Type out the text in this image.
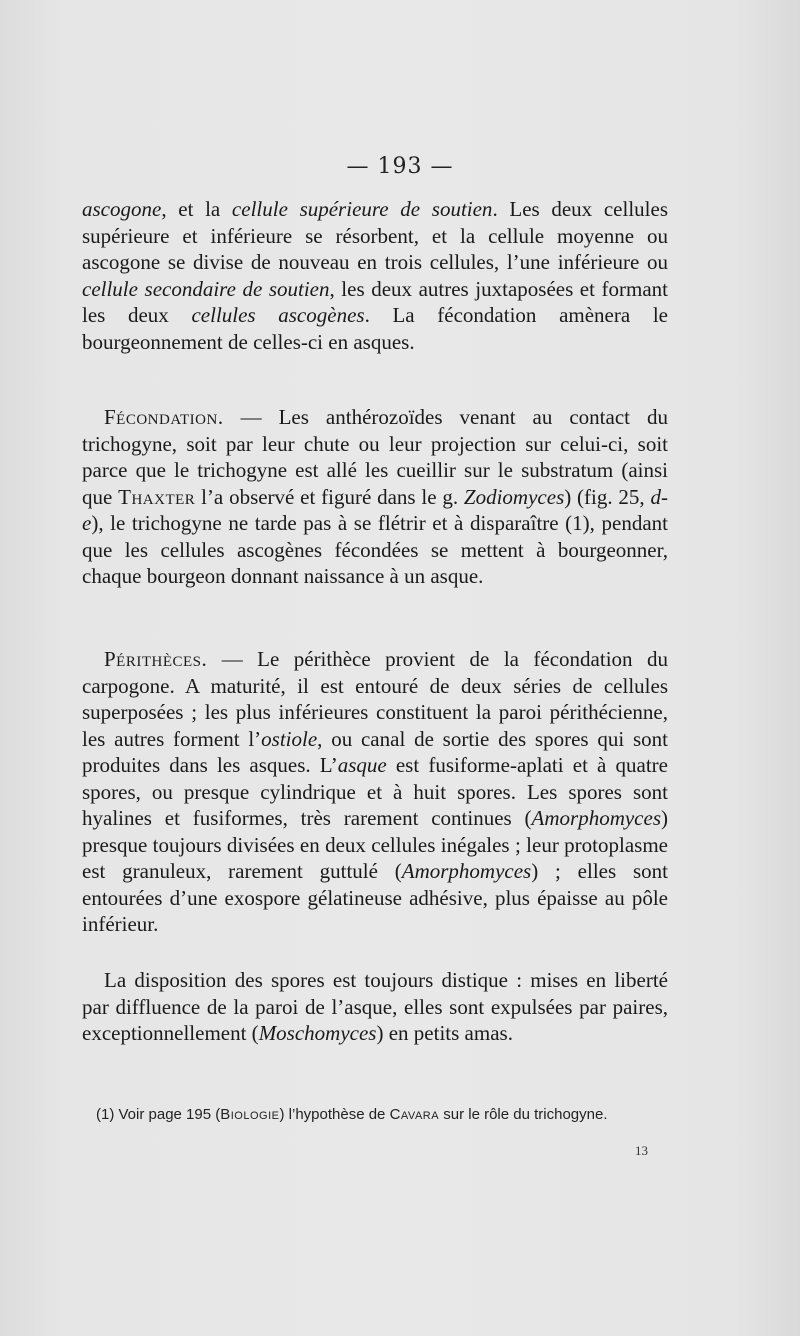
— 193 —

ascogone, et la cellule supérieure de soutien. Les deux cellules supérieure et inférieure se résorbent, et la cellule moyenne ou ascogone se divise de nouveau en trois cellules, l’une inférieure ou cellule secondaire de soutien, les deux autres juxtaposées et formant les deux cellules ascogènes. La fécondation amènera le bourgeonnement de celles-ci en asques.

Fécondation. — Les anthérozoïdes venant au contact du trichogyne, soit par leur chute ou leur projection sur celui-ci, soit parce que le trichogyne est allé les cueillir sur le substratum (ainsi que Thaxter l’a observé et figuré dans le g. Zodiomyces) (fig. 25, d-e), le trichogyne ne tarde pas à se flétrir et à disparaître (1), pendant que les cellules ascogènes fécondées se mettent à bourgeonner, chaque bourgeon donnant naissance à un asque.

Périthèces. — Le périthèce provient de la fécondation du carpogone. A maturité, il est entouré de deux séries de cellules superposées ; les plus inférieures constituent la paroi périthécienne, les autres forment l’ostiole, ou canal de sortie des spores qui sont produites dans les asques. L’asque est fusiforme-aplati et à quatre spores, ou presque cylindrique et à huit spores. Les spores sont hyalines et fusiformes, très rarement continues (Amorphomyces) presque toujours divisées en deux cellules inégales ; leur protoplasme est granuleux, rarement guttulé (Amorphomyces) ; elles sont entourées d’une exospore gélatineuse adhésive, plus épaisse au pôle inférieur.

La disposition des spores est toujours distique : mises en liberté par diffluence de la paroi de l’asque, elles sont expulsées par paires, exceptionnellement (Moschomyces) en petits amas.

(1) Voir page 195 (Biologie) l’hypothèse de Cavara sur le rôle du trichogyne.
13
